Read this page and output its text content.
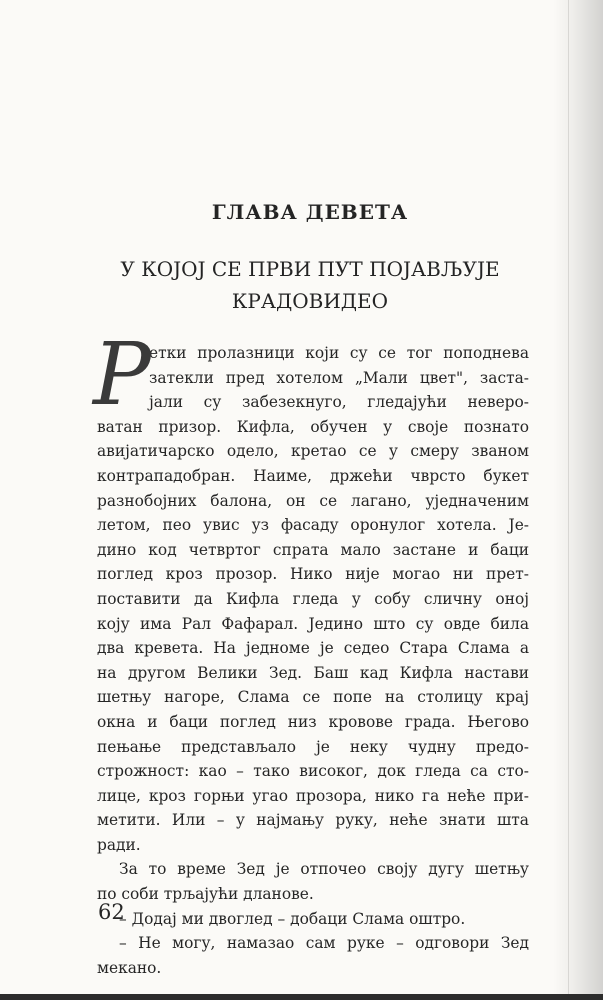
ГЛАВА ДЕВЕТА
У КОЈОЈ СЕ ПРВИ ПУТ ПОЈАВЉУЈЕ
КРАДОВИДЕО
Р
етки пролазници који су се тог поподнева
затекли пред хотелом „Мали цвет", заста-
јали су забезекнуго, гледајући неверо-
ватан призор. Кифла, обучен у своје познато
авијатичарско одело, кретао се у смеру званом
контрападобран. Наиме, држећи чврсто букет
разнобојних балона, он се лагано, уједначеним
летом, пео увис уз фасаду оронулог хотела. Је-
дино код четвртог спрата мало застане и баци
поглед кроз прозор. Нико није могао ни прет-
поставити да Кифла гледа у собу сличну оној
коју има Рал Фафарал. Једино што су овде била
два кревета. На једноме је седео Стара Слама а
на другом Велики Зед. Баш кад Кифла настави
шетњу нагоре, Слама се попе на столицу крај
окна и баци поглед низ кровове града. Његово
пењање представљало је неку чудну предо-
строжност: као – тако високог, док гледа са сто-
лице, кроз горњи угао прозора, нико га неће при-
метити. Или – у најмању руку, неће знати шта
ради.
За то време Зед је отпочео своју дугу шетњу
по соби трљајући дланове.
– Додај ми двоглед – добаци Слама оштро.
– Не могу, намазао сам руке – одговори Зед
мекано.
62
